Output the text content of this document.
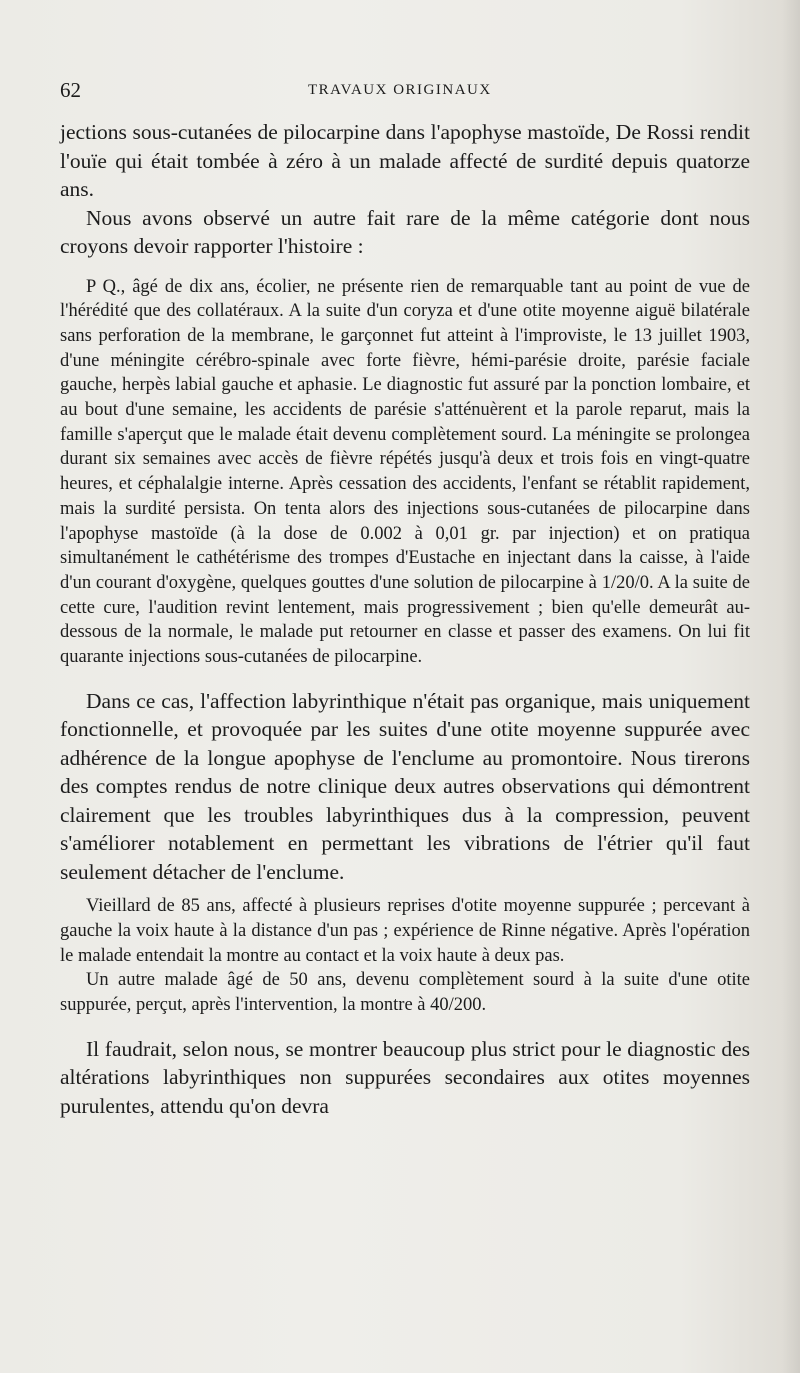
62	TRAVAUX ORIGINAUX

jections sous-cutanées de pilocarpine dans l'apophyse mastoïde, De Rossi rendit l'ouïe qui était tombée à zéro à un malade affecté de surdité depuis quatorze ans.

Nous avons observé un autre fait rare de la même catégorie dont nous croyons devoir rapporter l'histoire :

P Q., âgé de dix ans, écolier, ne présente rien de remarquable tant au point de vue de l'hérédité que des collatéraux. A la suite d'un coryza et d'une otite moyenne aiguë bilatérale sans perforation de la membrane, le garçonnet fut atteint à l'improviste, le 13 juillet 1903, d'une méningite cérébro-spinale avec forte fièvre, hémi-parésie droite, parésie faciale gauche, herpès labial gauche et aphasie. Le diagnostic fut assuré par la ponction lombaire, et au bout d'une semaine, les accidents de parésie s'atténuèrent et la parole reparut, mais la famille s'aperçut que le malade était devenu complètement sourd. La méningite se prolongea durant six semaines avec accès de fièvre répétés jusqu'à deux et trois fois en vingt-quatre heures, et céphalalgie interne. Après cessation des accidents, l'enfant se rétablit rapidement, mais la surdité persista. On tenta alors des injections sous-cutanées de pilocarpine dans l'apophyse mastoïde (à la dose de 0.002 à 0,01 gr. par injection) et on pratiqua simultanément le cathétérisme des trompes d'Eustache en injectant dans la caisse, à l'aide d'un courant d'oxygène, quelques gouttes d'une solution de pilocarpine à 1/20/0. A la suite de cette cure, l'audition revint lentement, mais progressivement ; bien qu'elle demeurât au-dessous de la normale, le malade put retourner en classe et passer des examens. On lui fit quarante injections sous-cutanées de pilocarpine.

Dans ce cas, l'affection labyrinthique n'était pas organique, mais uniquement fonctionnelle, et provoquée par les suites d'une otite moyenne suppurée avec adhérence de la longue apophyse de l'enclume au promontoire. Nous tirerons des comptes rendus de notre clinique deux autres observations qui démontrent clairement que les troubles labyrinthiques dus à la compression, peuvent s'améliorer notablement en permettant les vibrations de l'étrier qu'il faut seulement détacher de l'enclume.

Vieillard de 85 ans, affecté à plusieurs reprises d'otite moyenne suppurée ; percevant à gauche la voix haute à la distance d'un pas ; expérience de Rinne négative. Après l'opération le malade entendait la montre au contact et la voix haute à deux pas.

Un autre malade âgé de 50 ans, devenu complètement sourd à la suite d'une otite suppurée, perçut, après l'intervention, la montre à 40/200.

Il faudrait, selon nous, se montrer beaucoup plus strict pour le diagnostic des altérations labyrinthiques non suppurées secondaires aux otites moyennes purulentes, attendu qu'on devra
